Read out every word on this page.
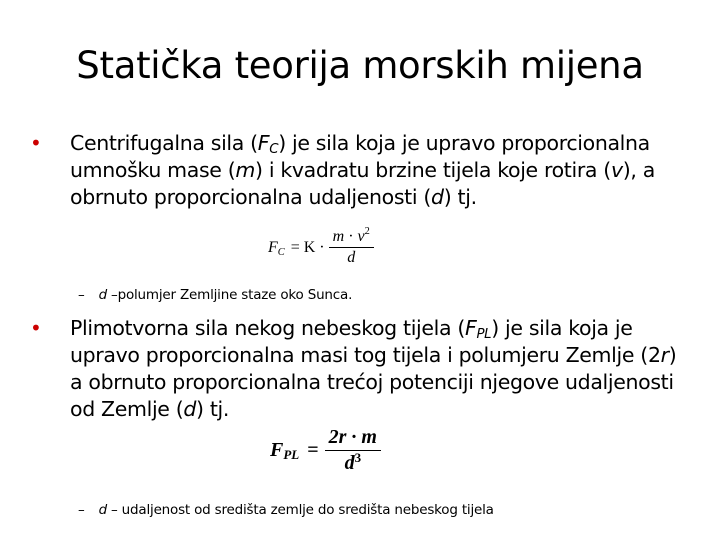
Statička teorija morskih mijena
• Centrifugalna sila $(F_C)$ je sila koja je upravo proporcionalna umnošku mase (m) i kvadratu brzine tijela koje rotira (v), a obrnuto proporcionalna udaljenosti (d) tj.
$F_C = K \cdot \frac{m \cdot v^2}{d}$
– d –polumjer Zemljine staze oko Sunca.
• Plimotvorna sila nekog nebeskog tijela $(F_{PL})$ je sila koja je upravo proporcionalna masi tog tijela i polumjeru Zemlje (2r) a obrnuto proporcionalna trećoj potenciji njegove udaljenosti od Zemlje (d) tj.
$F_{PL} = \frac{2r \cdot m}{d^3}$
– d – udaljenost od središta zemlje do središta nebeskog tijela
